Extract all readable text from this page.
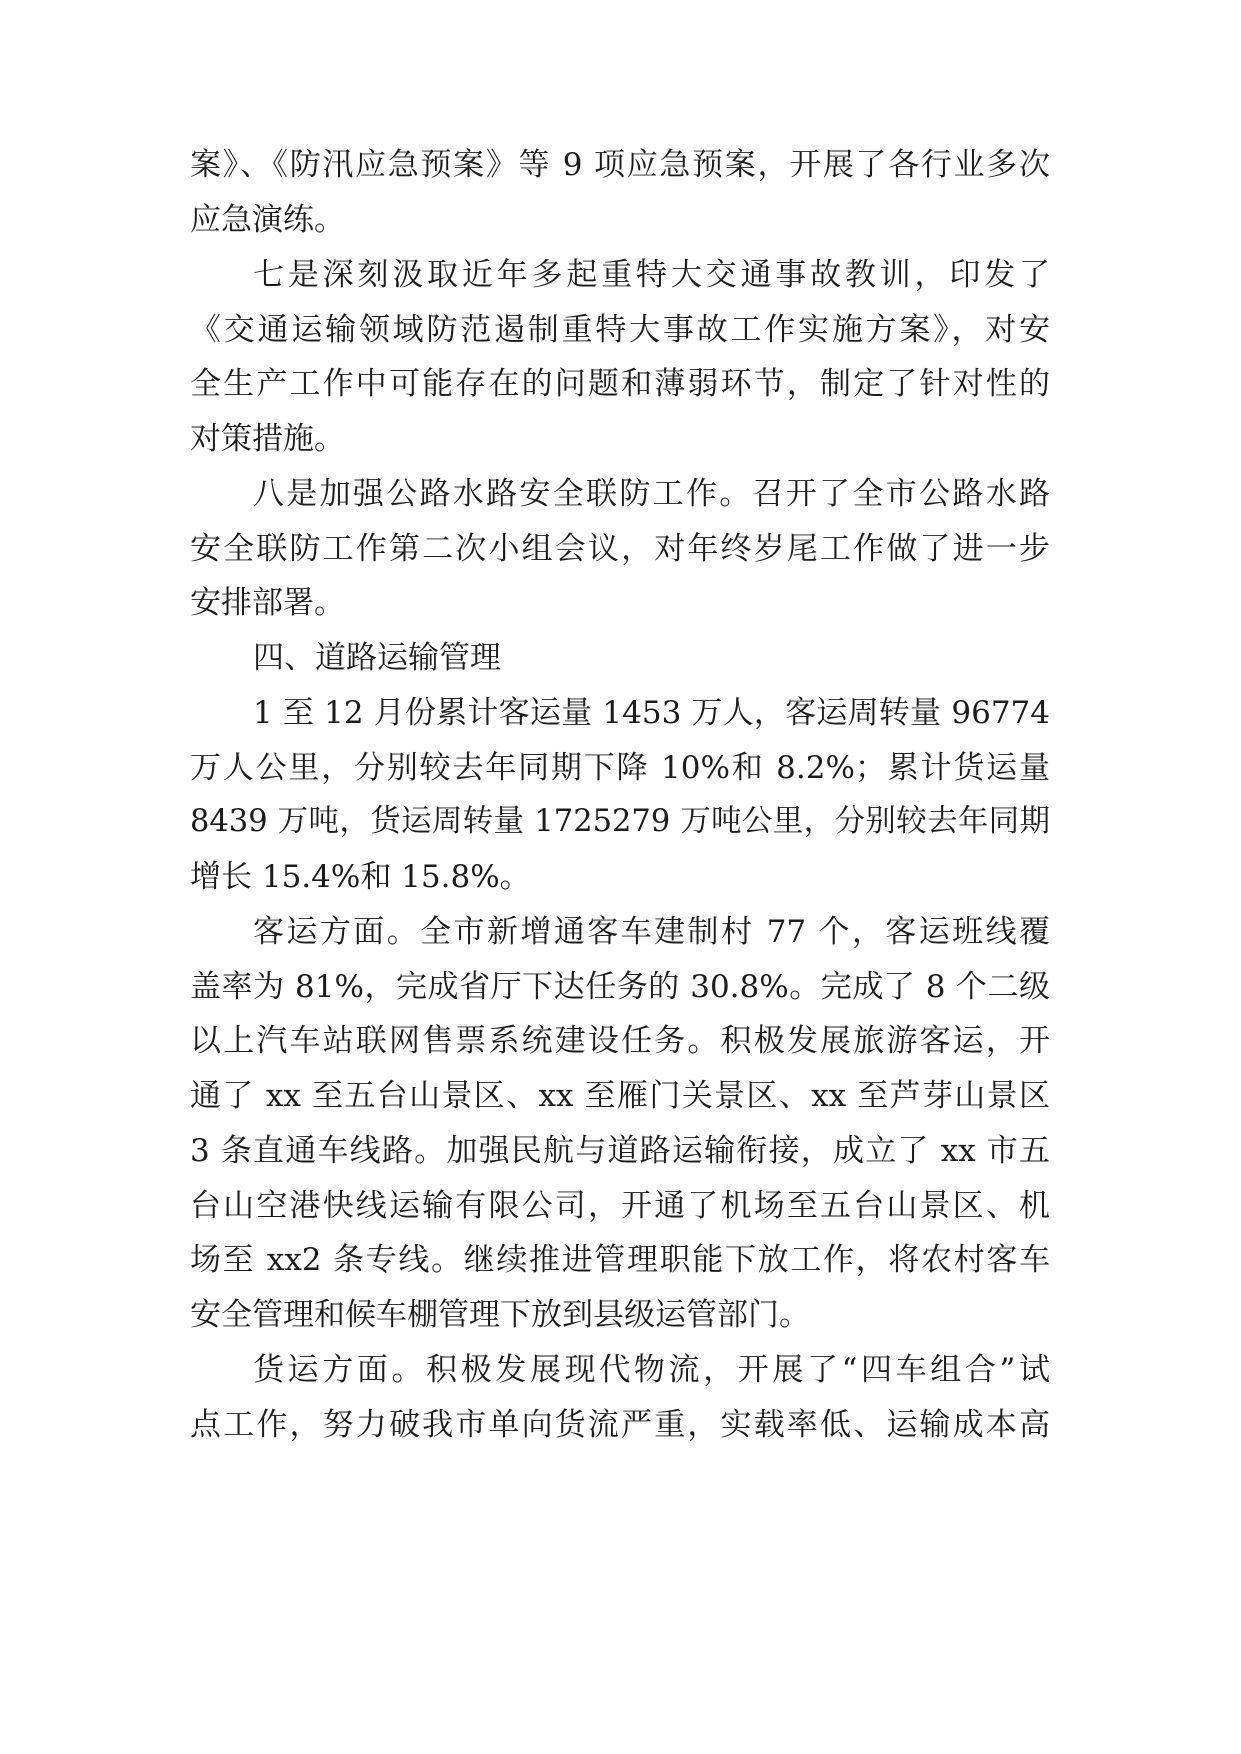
案》、《防汛应急预案》等 9 项应急预案，开展了各行业多次
应急演练。
七是深刻汲取近年多起重特大交通事故教训，印发了
《交通运输领域防范遏制重特大事故工作实施方案》，对安
全生产工作中可能存在的问题和薄弱环节，制定了针对性的
对策措施。
八是加强公路水路安全联防工作。召开了全市公路水路
安全联防工作第二次小组会议，对年终岁尾工作做了进一步
安排部署。
四、道路运输管理
1 至 12 月份累计客运量 1453 万人，客运周转量 96774
万人公里，分别较去年同期下降 10%和 8.2%；累计货运量
8439 万吨，货运周转量 1725279 万吨公里，分别较去年同期
增长 15.4%和 15.8%。
客运方面。全市新增通客车建制村 77 个，客运班线覆
盖率为 81%，完成省厅下达任务的 30.8%。完成了 8 个二级
以上汽车站联网售票系统建设任务。积极发展旅游客运，开
通了 xx 至五台山景区、xx 至雁门关景区、xx 至芦芽山景区
3 条直通车线路。加强民航与道路运输衔接，成立了 xx 市五
台山空港快线运输有限公司，开通了机场至五台山景区、机
场至 xx2 条专线。继续推进管理职能下放工作，将农村客车
安全管理和候车棚管理下放到县级运管部门。
货运方面。积极发展现代物流，开展了“四车组合”试
点工作，努力破我市单向货流严重，实载率低、运输成本高
